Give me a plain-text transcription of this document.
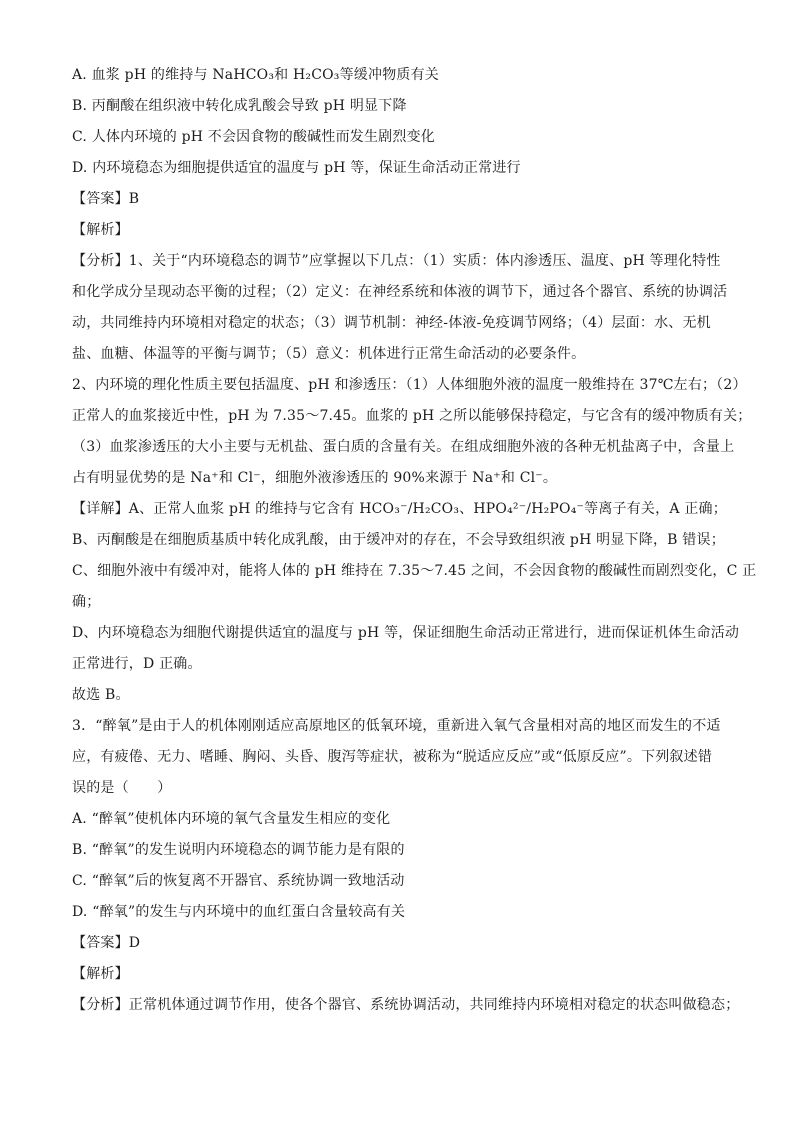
A. 血浆 pH 的维持与 NaHCO₃和 H₂CO₃等缓冲物质有关
B. 丙酮酸在组织液中转化成乳酸会导致 pH 明显下降
C. 人体内环境的 pH 不会因食物的酸碱性而发生剧烈变化
D. 内环境稳态为细胞提供适宜的温度与 pH 等，保证生命活动正常进行
【答案】B
【解析】
【分析】1、关于“内环境稳态的调节”应掌握以下几点：（1）实质：体内渗透压、温度、pH 等理化特性
和化学成分呈现动态平衡的过程；（2）定义：在神经系统和体液的调节下，通过各个器官、系统的协调活
动，共同维持内环境相对稳定的状态；（3）调节机制：神经-体液-免疫调节网络；（4）层面：水、无机
盐、血糖、体温等的平衡与调节；（5）意义：机体进行正常生命活动的必要条件。
2、内环境的理化性质主要包括温度、pH 和渗透压：（1）人体细胞外液的温度一般维持在 37℃左右；（2）
正常人的血浆接近中性，pH 为 7.35～7.45。血浆的 pH 之所以能够保持稳定，与它含有的缓冲物质有关；
（3）血浆渗透压的大小主要与无机盐、蛋白质的含量有关。在组成细胞外液的各种无机盐离子中，含量上
占有明显优势的是 Na⁺和 Cl⁻，细胞外液渗透压的 90%来源于 Na⁺和 Cl⁻。
【详解】A、正常人血浆 pH 的维持与它含有 HCO₃⁻/H₂CO₃、HPO₄²⁻/H₂PO₄⁻等离子有关，A 正确；
B、丙酮酸是在细胞质基质中转化成乳酸，由于缓冲对的存在，不会导致组织液 pH 明显下降，B 错误；
C、细胞外液中有缓冲对，能将人体的 pH 维持在 7.35～7.45 之间，不会因食物的酸碱性而剧烈变化，C 正
确；
D、内环境稳态为细胞代谢提供适宜的温度与 pH 等，保证细胞生命活动正常进行，进而保证机体生命活动
正常进行，D 正确。
故选 B。
3．“醉氧”是由于人的机体刚刚适应高原地区的低氧环境，重新进入氧气含量相对高的地区而发生的不适
应，有疲倦、无力、嗜睡、胸闷、头昏、腹泻等症状，被称为“脱适应反应”或“低原反应”。下列叙述错
误的是（　　）
A. “醉氧”使机体内环境的氧气含量发生相应的变化
B. “醉氧”的发生说明内环境稳态的调节能力是有限的
C. “醉氧”后的恢复离不开器官、系统协调一致地活动
D. “醉氧”的发生与内环境中的血红蛋白含量较高有关
【答案】D
【解析】
【分析】正常机体通过调节作用，使各个器官、系统协调活动，共同维持内环境相对稳定的状态叫做稳态；
